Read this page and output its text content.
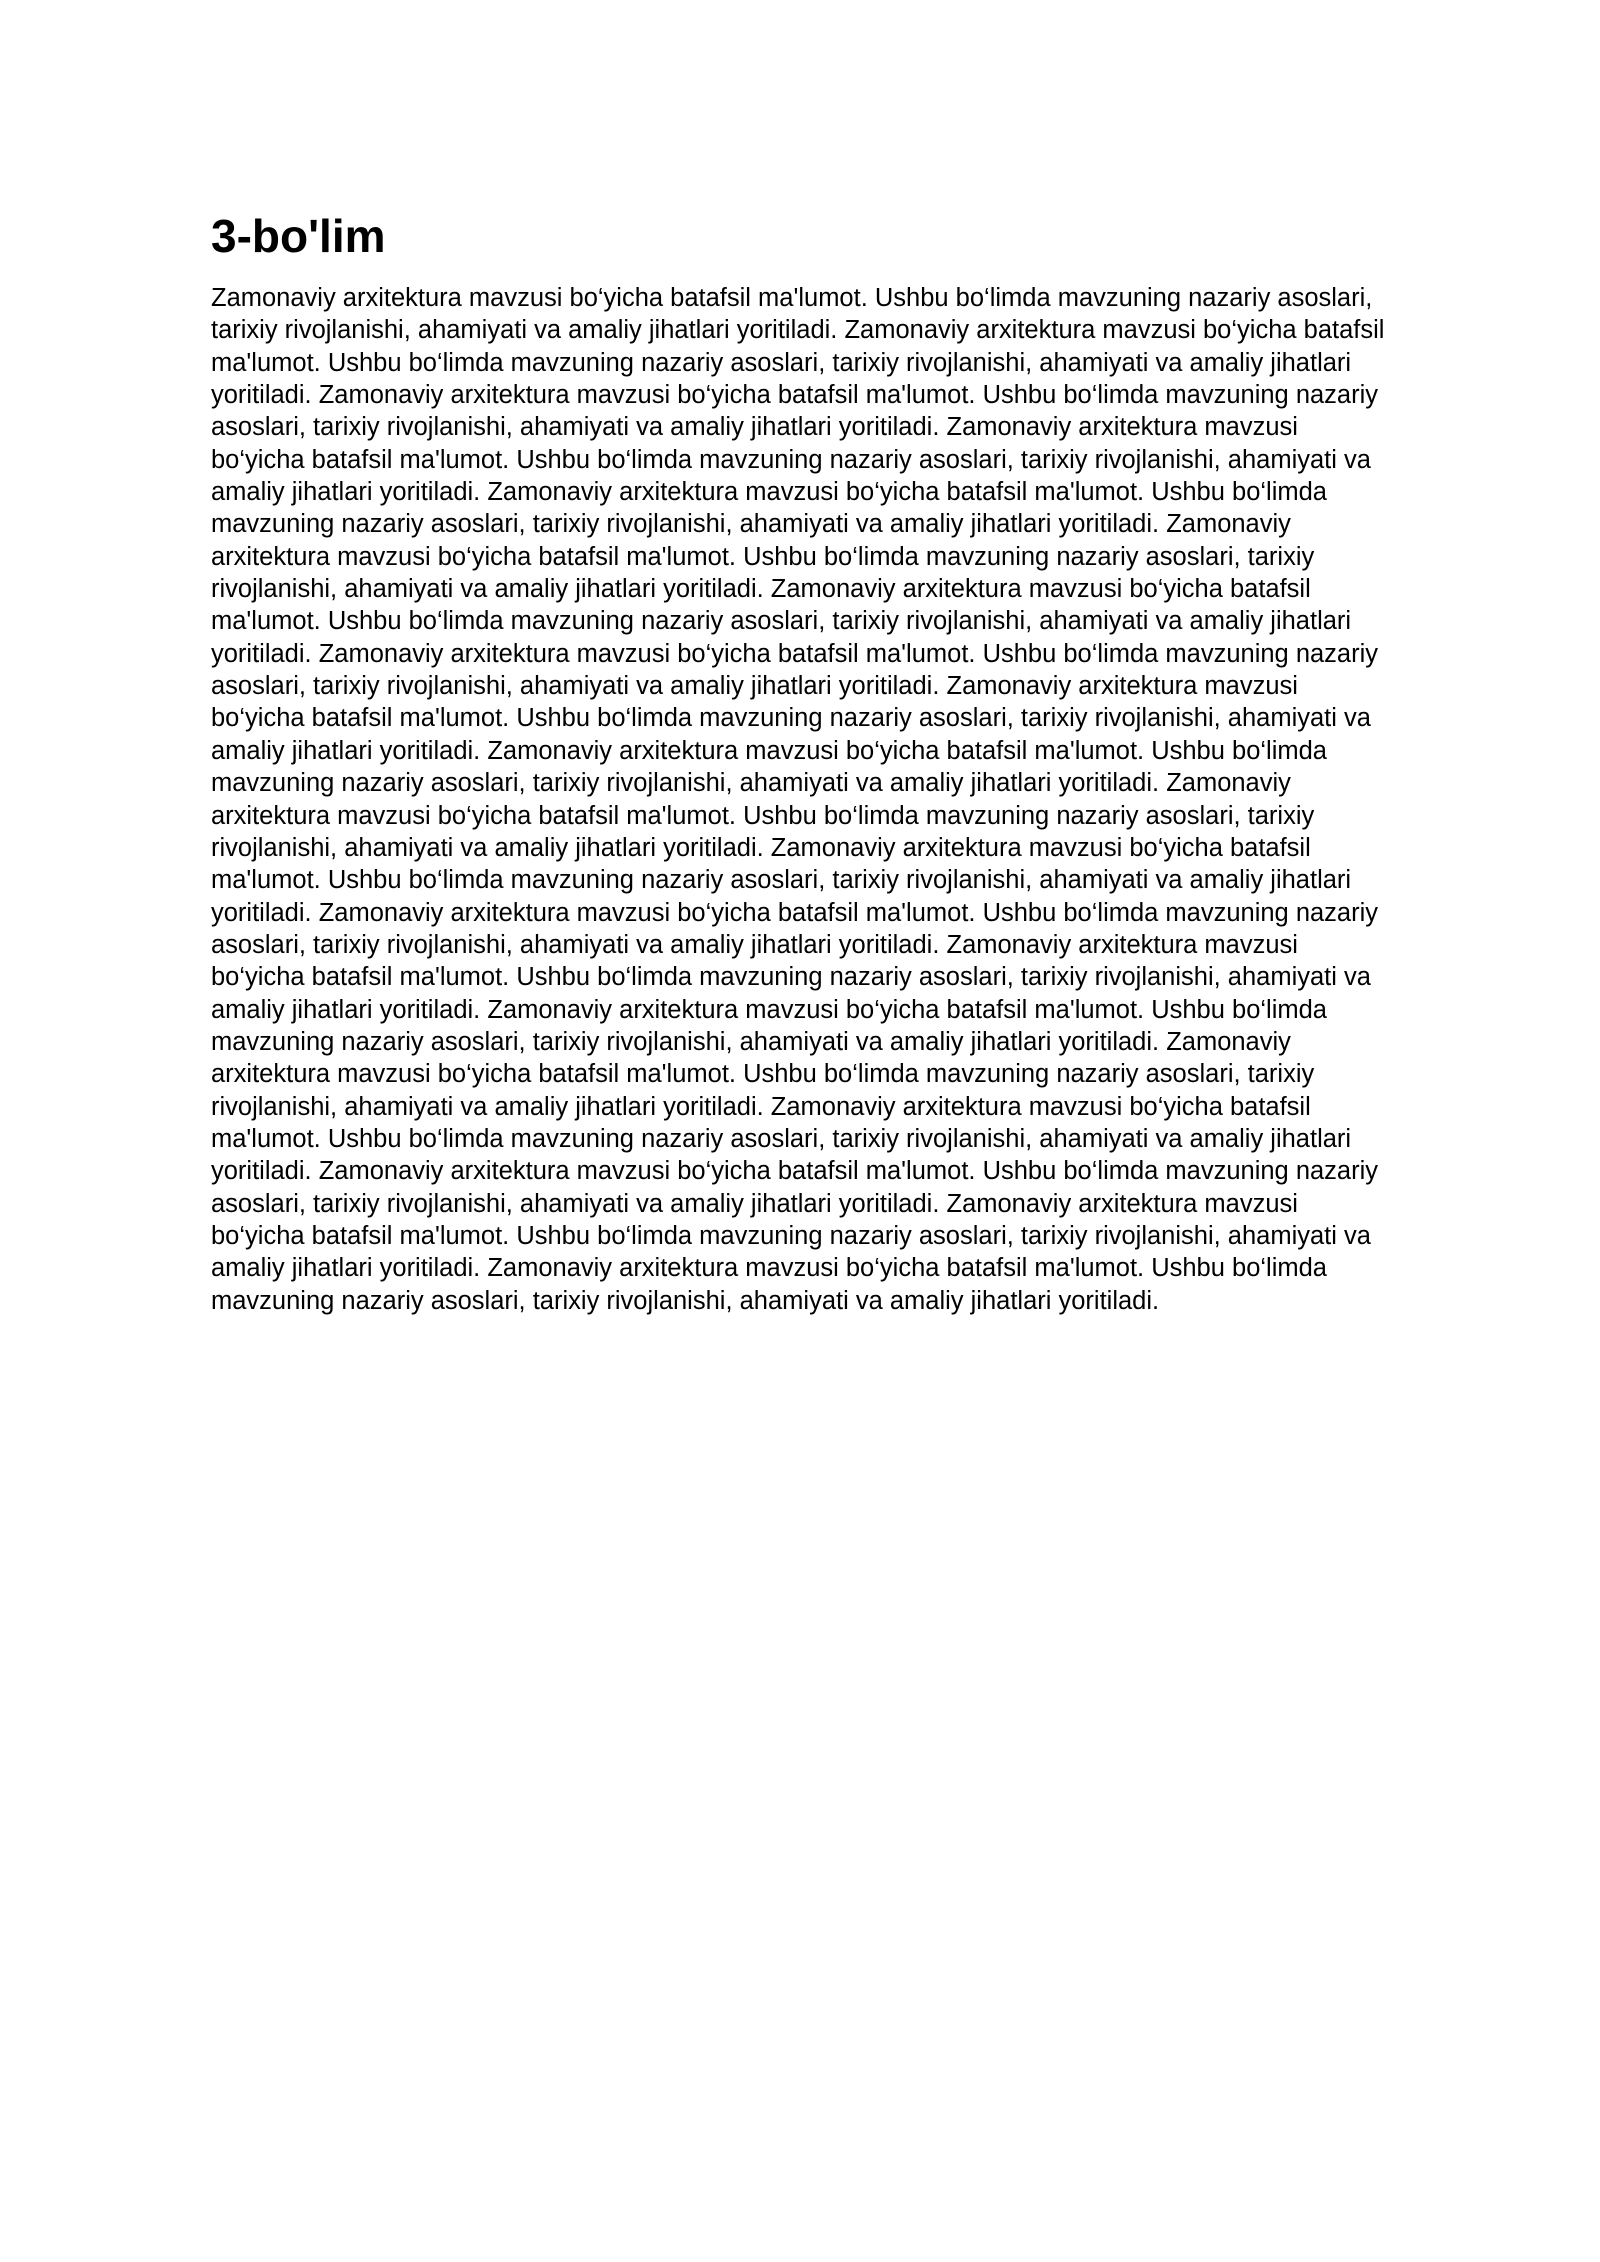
3-bo'lim

Zamonaviy arxitektura mavzusi bo‘yicha batafsil ma'lumot. Ushbu bo‘limda mavzuning nazariy asoslari, tarixiy rivojlanishi, ahamiyati va amaliy jihatlari yoritiladi. Zamonaviy arxitektura mavzusi bo‘yicha batafsil ma'lumot. Ushbu bo‘limda mavzuning nazariy asoslari, tarixiy rivojlanishi, ahamiyati va amaliy jihatlari yoritiladi. Zamonaviy arxitektura mavzusi bo‘yicha batafsil ma'lumot. Ushbu bo‘limda mavzuning nazariy asoslari, tarixiy rivojlanishi, ahamiyati va amaliy jihatlari yoritiladi. Zamonaviy arxitektura mavzusi bo‘yicha batafsil ma'lumot. Ushbu bo‘limda mavzuning nazariy asoslari, tarixiy rivojlanishi, ahamiyati va amaliy jihatlari yoritiladi. Zamonaviy arxitektura mavzusi bo‘yicha batafsil ma'lumot. Ushbu bo‘limda mavzuning nazariy asoslari, tarixiy rivojlanishi, ahamiyati va amaliy jihatlari yoritiladi. Zamonaviy arxitektura mavzusi bo‘yicha batafsil ma'lumot. Ushbu bo‘limda mavzuning nazariy asoslari, tarixiy rivojlanishi, ahamiyati va amaliy jihatlari yoritiladi. Zamonaviy arxitektura mavzusi bo‘yicha batafsil ma'lumot. Ushbu bo‘limda mavzuning nazariy asoslari, tarixiy rivojlanishi, ahamiyati va amaliy jihatlari yoritiladi. Zamonaviy arxitektura mavzusi bo‘yicha batafsil ma'lumot. Ushbu bo‘limda mavzuning nazariy asoslari, tarixiy rivojlanishi, ahamiyati va amaliy jihatlari yoritiladi. Zamonaviy arxitektura mavzusi bo‘yicha batafsil ma'lumot. Ushbu bo‘limda mavzuning nazariy asoslari, tarixiy rivojlanishi, ahamiyati va amaliy jihatlari yoritiladi. Zamonaviy arxitektura mavzusi bo‘yicha batafsil ma'lumot. Ushbu bo‘limda mavzuning nazariy asoslari, tarixiy rivojlanishi, ahamiyati va amaliy jihatlari yoritiladi. Zamonaviy arxitektura mavzusi bo‘yicha batafsil ma'lumot. Ushbu bo‘limda mavzuning nazariy asoslari, tarixiy rivojlanishi, ahamiyati va amaliy jihatlari yoritiladi. Zamonaviy arxitektura mavzusi bo‘yicha batafsil ma'lumot. Ushbu bo‘limda mavzuning nazariy asoslari, tarixiy rivojlanishi, ahamiyati va amaliy jihatlari yoritiladi. Zamonaviy arxitektura mavzusi bo‘yicha batafsil ma'lumot. Ushbu bo‘limda mavzuning nazariy asoslari, tarixiy rivojlanishi, ahamiyati va amaliy jihatlari yoritiladi. Zamonaviy arxitektura mavzusi bo‘yicha batafsil ma'lumot. Ushbu bo‘limda mavzuning nazariy asoslari, tarixiy rivojlanishi, ahamiyati va amaliy jihatlari yoritiladi. Zamonaviy arxitektura mavzusi bo‘yicha batafsil ma'lumot. Ushbu bo‘limda mavzuning nazariy asoslari, tarixiy rivojlanishi, ahamiyati va amaliy jihatlari yoritiladi. Zamonaviy arxitektura mavzusi bo‘yicha batafsil ma'lumot. Ushbu bo‘limda mavzuning nazariy asoslari, tarixiy rivojlanishi, ahamiyati va amaliy jihatlari yoritiladi. Zamonaviy arxitektura mavzusi bo‘yicha batafsil ma'lumot. Ushbu bo‘limda mavzuning nazariy asoslari, tarixiy rivojlanishi, ahamiyati va amaliy jihatlari yoritiladi. Zamonaviy arxitektura mavzusi bo‘yicha batafsil ma'lumot. Ushbu bo‘limda mavzuning nazariy asoslari, tarixiy rivojlanishi, ahamiyati va amaliy jihatlari yoritiladi. Zamonaviy arxitektura mavzusi bo‘yicha batafsil ma'lumot. Ushbu bo‘limda mavzuning nazariy asoslari, tarixiy rivojlanishi, ahamiyati va amaliy jihatlari yoritiladi. Zamonaviy arxitektura mavzusi bo‘yicha batafsil ma'lumot. Ushbu bo‘limda mavzuning nazariy asoslari, tarixiy rivojlanishi, ahamiyati va amaliy jihatlari yoritiladi.
